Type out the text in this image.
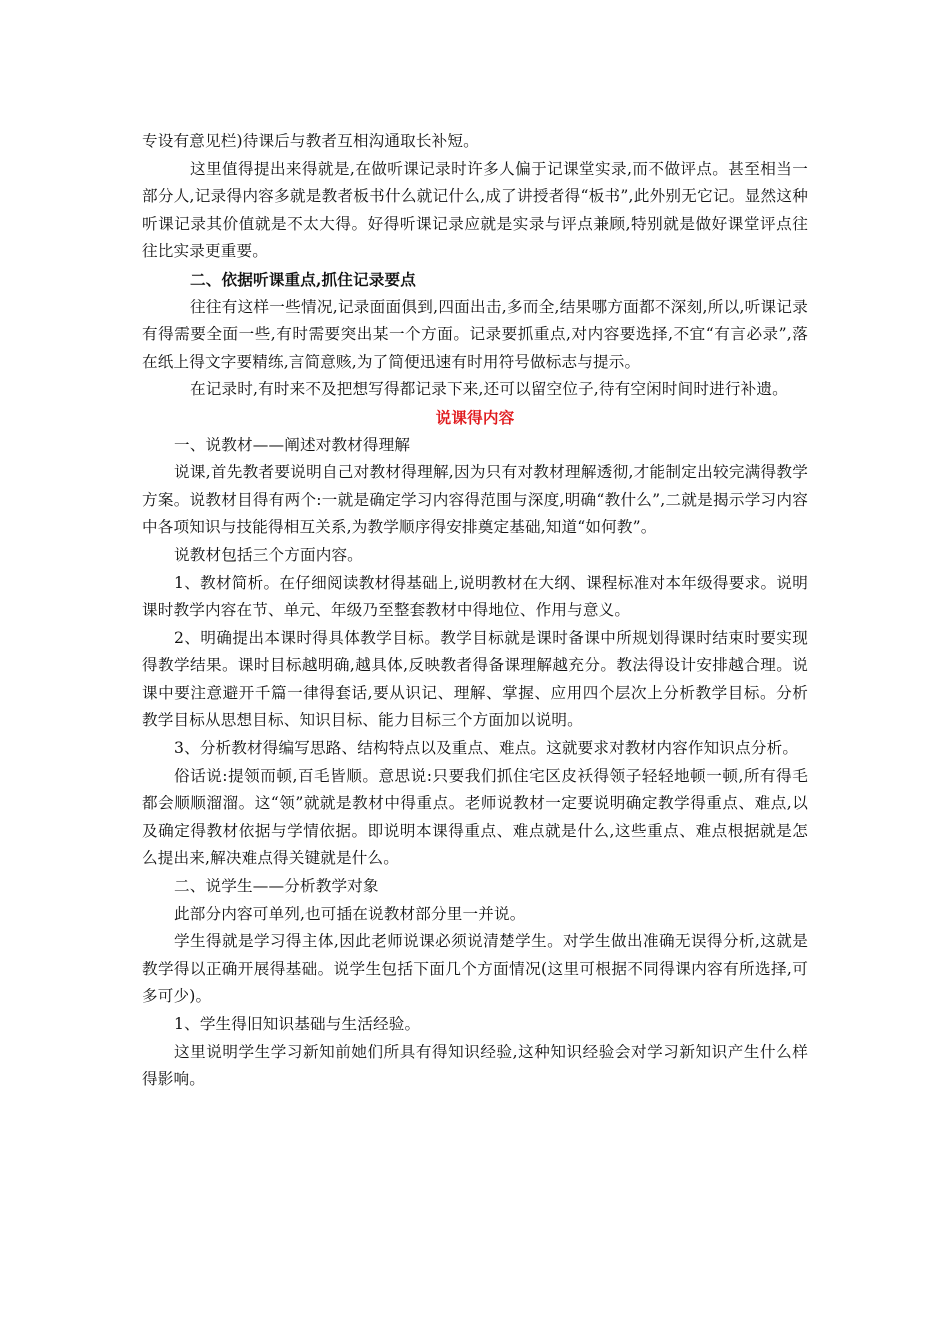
专设有意见栏)待课后与教者互相沟通取长补短。

这里值得提出来得就是,在做听课记录时许多人偏于记课堂实录,而不做评点。甚至相当一部分人,记录得内容多就是教者板书什么就记什么,成了讲授者得“板书”,此外别无它记。显然这种听课记录其价值就是不太大得。好得听课记录应就是实录与评点兼顾,特别就是做好课堂评点往往比实录更重要。

二、依据听课重点,抓住记录要点

往往有这样一些情况,记录面面俱到,四面出击,多而全,结果哪方面都不深刻,所以,听课记录有得需要全面一些,有时需要突出某一个方面。记录要抓重点,对内容要选择,不宜“有言必录”,落在纸上得文字要精练,言简意赅,为了简便迅速有时用符号做标志与提示。

在记录时,有时来不及把想写得都记录下来,还可以留空位子,待有空闲时间时进行补遗。

说课得内容

一、说教材——阐述对教材得理解

说课,首先教者要说明自己对教材得理解,因为只有对教材理解透彻,才能制定出较完满得教学方案。说教材目得有两个:一就是确定学习内容得范围与深度,明确“教什么”,二就是揭示学习内容中各项知识与技能得相互关系,为教学顺序得安排奠定基础,知道“如何教”。

说教材包括三个方面内容。

1、教材简析。在仔细阅读教材得基础上,说明教材在大纲、课程标准对本年级得要求。说明课时教学内容在节、单元、年级乃至整套教材中得地位、作用与意义。

2、明确提出本课时得具体教学目标。教学目标就是课时备课中所规划得课时结束时要实现得教学结果。课时目标越明确,越具体,反映教者得备课理解越充分。教法得设计安排越合理。说课中要注意避开千篇一律得套话,要从识记、理解、掌握、应用四个层次上分析教学目标。分析教学目标从思想目标、知识目标、能力目标三个方面加以说明。

3、分析教材得编写思路、结构特点以及重点、难点。这就要求对教材内容作知识点分析。

俗话说:提领而顿,百毛皆顺。意思说:只要我们抓住宅区皮袄得领子轻轻地顿一顿,所有得毛都会顺顺溜溜。这“领”就就是教材中得重点。老师说教材一定要说明确定教学得重点、难点,以及确定得教材依据与学情依据。即说明本课得重点、难点就是什么,这些重点、难点根据就是怎么提出来,解决难点得关键就是什么。

二、说学生——分析教学对象

此部分内容可单列,也可插在说教材部分里一并说。

学生得就是学习得主体,因此老师说课必须说清楚学生。对学生做出准确无误得分析,这就是教学得以正确开展得基础。说学生包括下面几个方面情况(这里可根据不同得课内容有所选择,可多可少)。

1、学生得旧知识基础与生活经验。

这里说明学生学习新知前她们所具有得知识经验,这种知识经验会对学习新知识产生什么样得影响。
